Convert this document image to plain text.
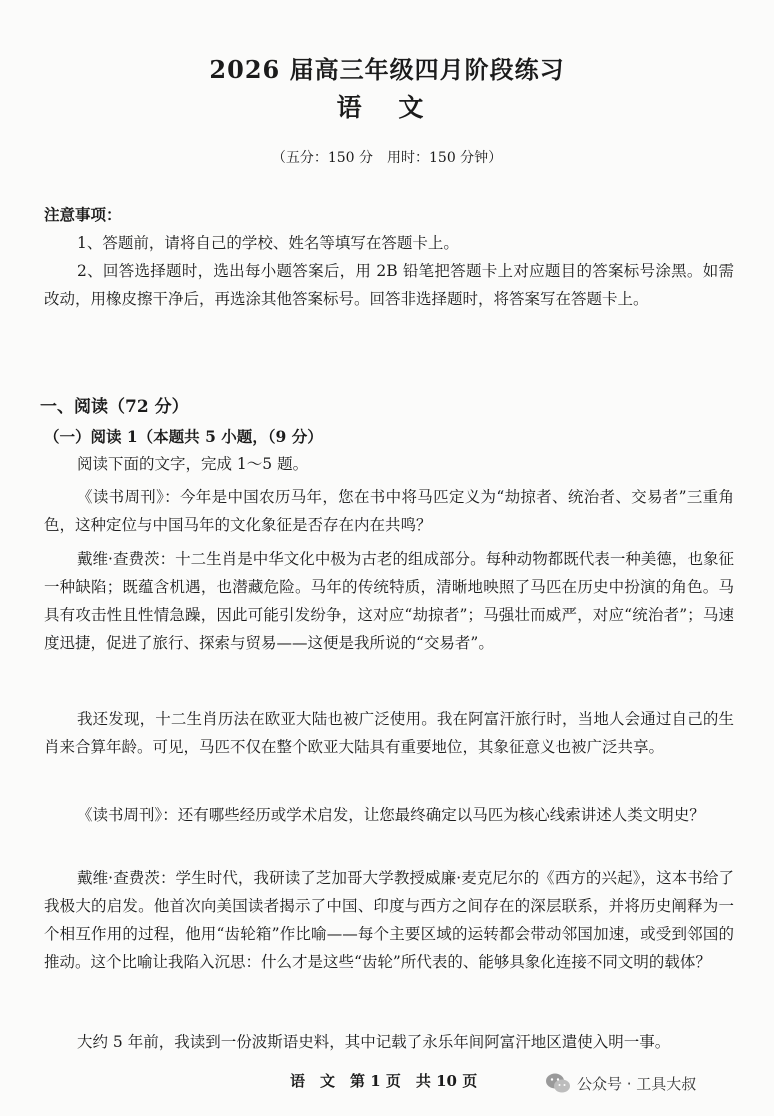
2026 届高三年级四月阶段练习
语 文
（五分：150 分　用时：150 分钟）
注意事项：

1、答题前，请将自己的学校、姓名等填写在答题卡上。

2、回答选择题时，选出每小题答案后，用 2B 铅笔把答题卡上对应题目的答案标号涂黑。如需改动，用橡皮擦干净后，再选涂其他答案标号。回答非选择题时，将答案写在答题卡上。

一、阅读（72 分）
（一）阅读 1（本题共 5 小题，（9 分）

阅读下面的文字，完成 1～5 题。

《读书周刊》：今年是中国农历马年，您在书中将马匹定义为“劫掠者、统治者、交易者”三重角色，这种定位与中国马年的文化象征是否存在内在共鸣？

戴维·查费茨：十二生肖是中华文化中极为古老的组成部分。每种动物都既代表一种美德，也象征一种缺陷；既蕴含机遇，也潜藏危险。马年的传统特质，清晰地映照了马匹在历史中扮演的角色。马具有攻击性且性情急躁，因此可能引发纷争，这对应“劫掠者”；马强壮而威严，对应“统治者”；马速度迅捷，促进了旅行、探索与贸易——这便是我所说的“交易者”。

我还发现，十二生肖历法在欧亚大陆也被广泛使用。我在阿富汗旅行时，当地人会通过自己的生肖来合算年龄。可见，马匹不仅在整个欧亚大陆具有重要地位，其象征意义也被广泛共享。

《读书周刊》：还有哪些经历或学术启发，让您最终确定以马匹为核心线索讲述人类文明史？

戴维·查费茨：学生时代，我研读了芝加哥大学教授威廉·麦克尼尔的《西方的兴起》，这本书给了我极大的启发。他首次向美国读者揭示了中国、印度与西方之间存在的深层联系，并将历史阐释为一个相互作用的过程，他用“齿轮箱”作比喻——每个主要区域的运转都会带动邻国加速，或受到邻国的推动。这个比喻让我陷入沉思：什么才是这些“齿轮”所代表的、能够具象化连接不同文明的载体？

大约 5 年前，我读到一份波斯语史料，其中记载了永乐年间阿富汗地区遣使入明一事。

语　文　第 1 页　共 10 页	公众号 · 工具大叔
